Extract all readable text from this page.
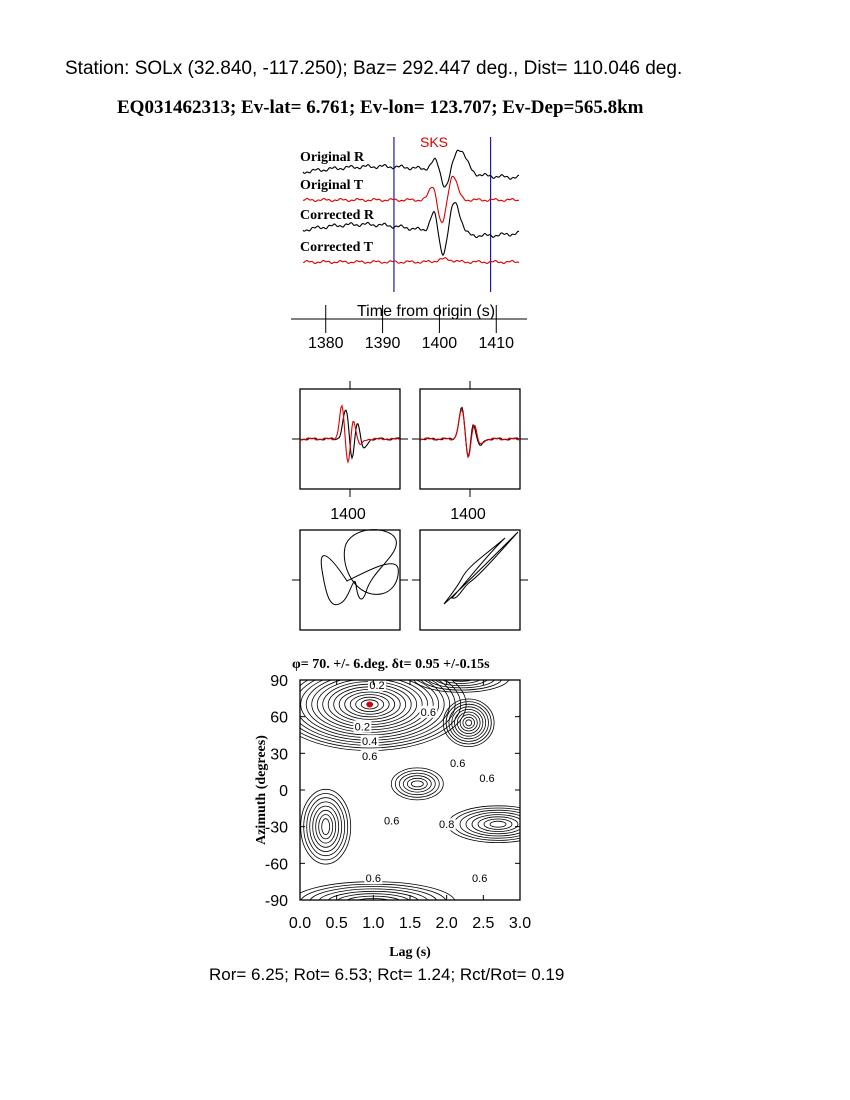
Station: SOLx (32.840, -117.250); Baz= 292.447 deg., Dist= 110.046 deg.
EQ031462313; Ev-lat= 6.761; Ev-lon= 123.707; Ev-Dep=565.8km
Ror= 6.25; Rot= 6.53; Rct= 1.24; Rct/Rot= 0.19
Original R
Original T
Corrected R
Corrected T
SKS
Time from origin (s)
1380 1390 1400 1410
1400	1400
φ= 70. +/- 6.deg. δt= 0.95 +/-0.15s
0.2
0.2
0.4
0.6
0.6
0.6
0.6
0.6	0.8
0.6	0.6
0.0 0.5 1.0 1.5 2.0 2.5 3.0
90
60
30
0
-30
-60
-90
Lag (s)
Azimuth (degrees)
